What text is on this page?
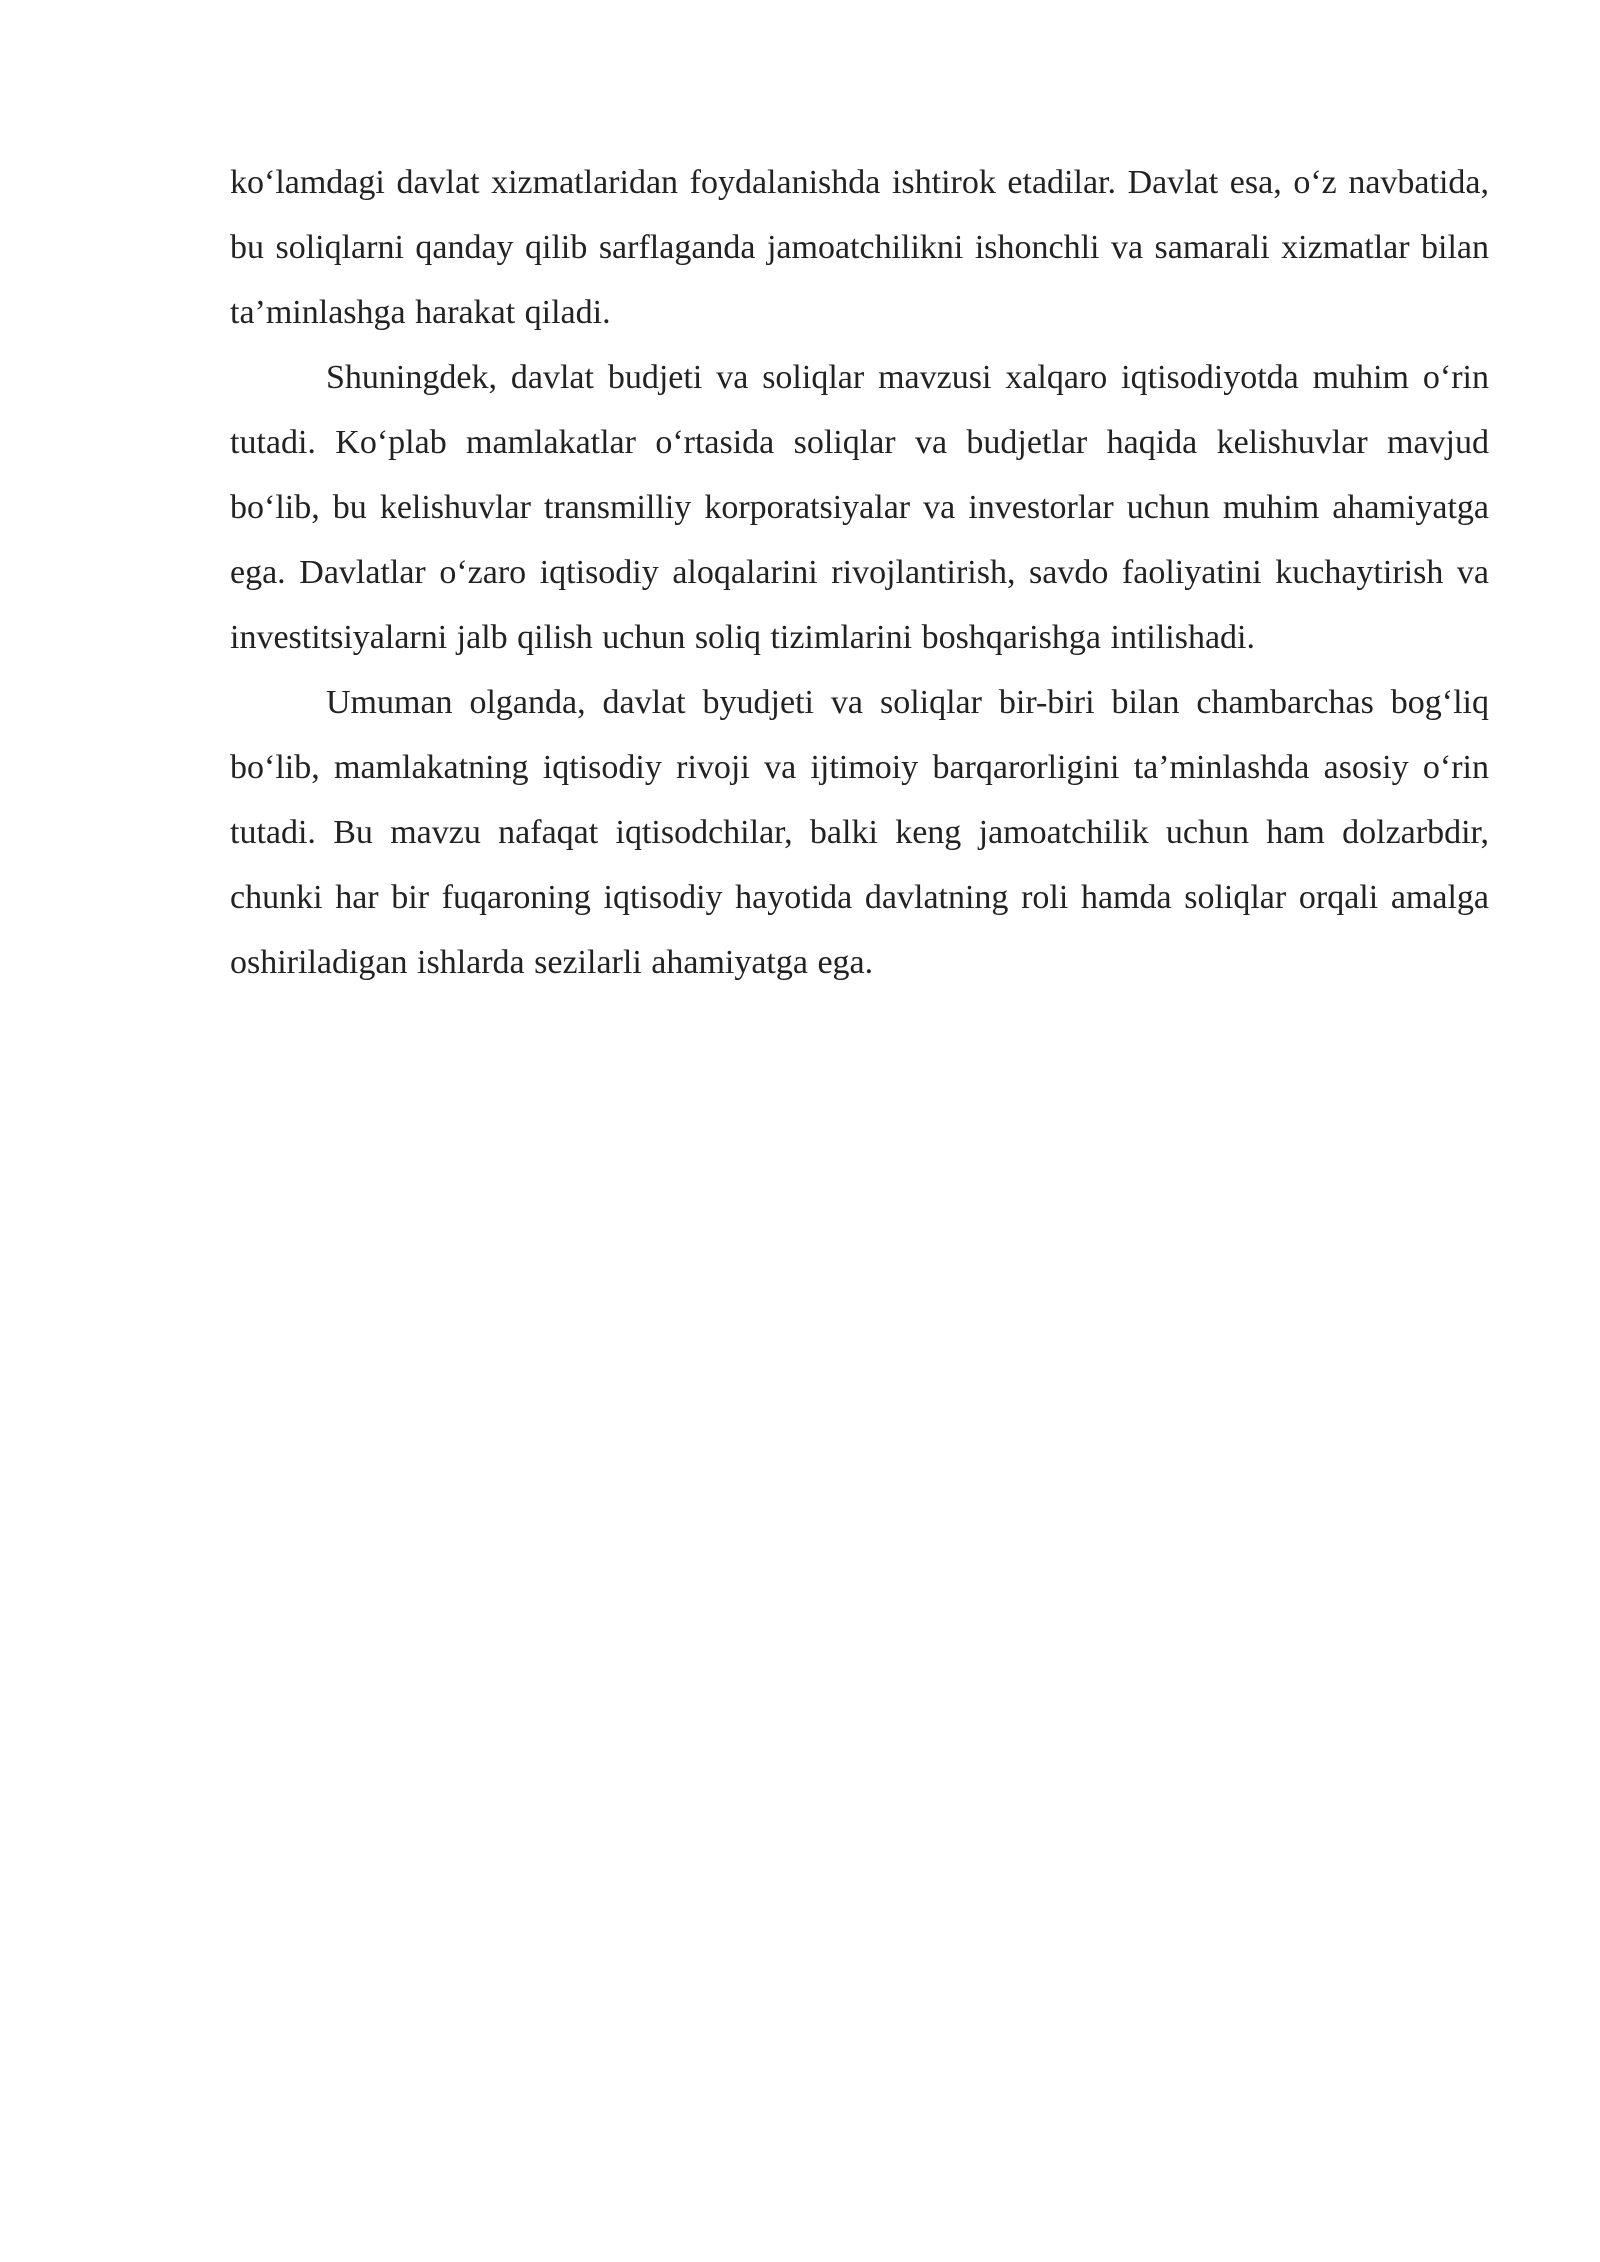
ko‘lamdagi davlat xizmatlaridan foydalanishda ishtirok etadilar. Davlat esa, o‘z navbatida, bu soliqlarni qanday qilib sarflaganda jamoatchilikni ishonchli va samarali xizmatlar bilan ta’minlashga harakat qiladi.

Shuningdek, davlat budjeti va soliqlar mavzusi xalqaro iqtisodiyotda muhim o‘rin tutadi. Ko‘plab mamlakatlar o‘rtasida soliqlar va budjetlar haqida kelishuvlar mavjud bo‘lib, bu kelishuvlar transmilliy korporatsiyalar va investorlar uchun muhim ahamiyatga ega. Davlatlar o‘zaro iqtisodiy aloqalarini rivojlantirish, savdo faoliyatini kuchaytirish va investitsiyalarni jalb qilish uchun soliq tizimlarini boshqarishga intilishadi.

Umuman olganda, davlat byudjeti va soliqlar bir-biri bilan chambarchas bog‘liq bo‘lib, mamlakatning iqtisodiy rivoji va ijtimoiy barqarorligini ta’minlashda asosiy o‘rin tutadi. Bu mavzu nafaqat iqtisodchilar, balki keng jamoatchilik uchun ham dolzarbdir, chunki har bir fuqaroning iqtisodiy hayotida davlatning roli hamda soliqlar orqali amalga oshiriladigan ishlarda sezilarli ahamiyatga ega.
